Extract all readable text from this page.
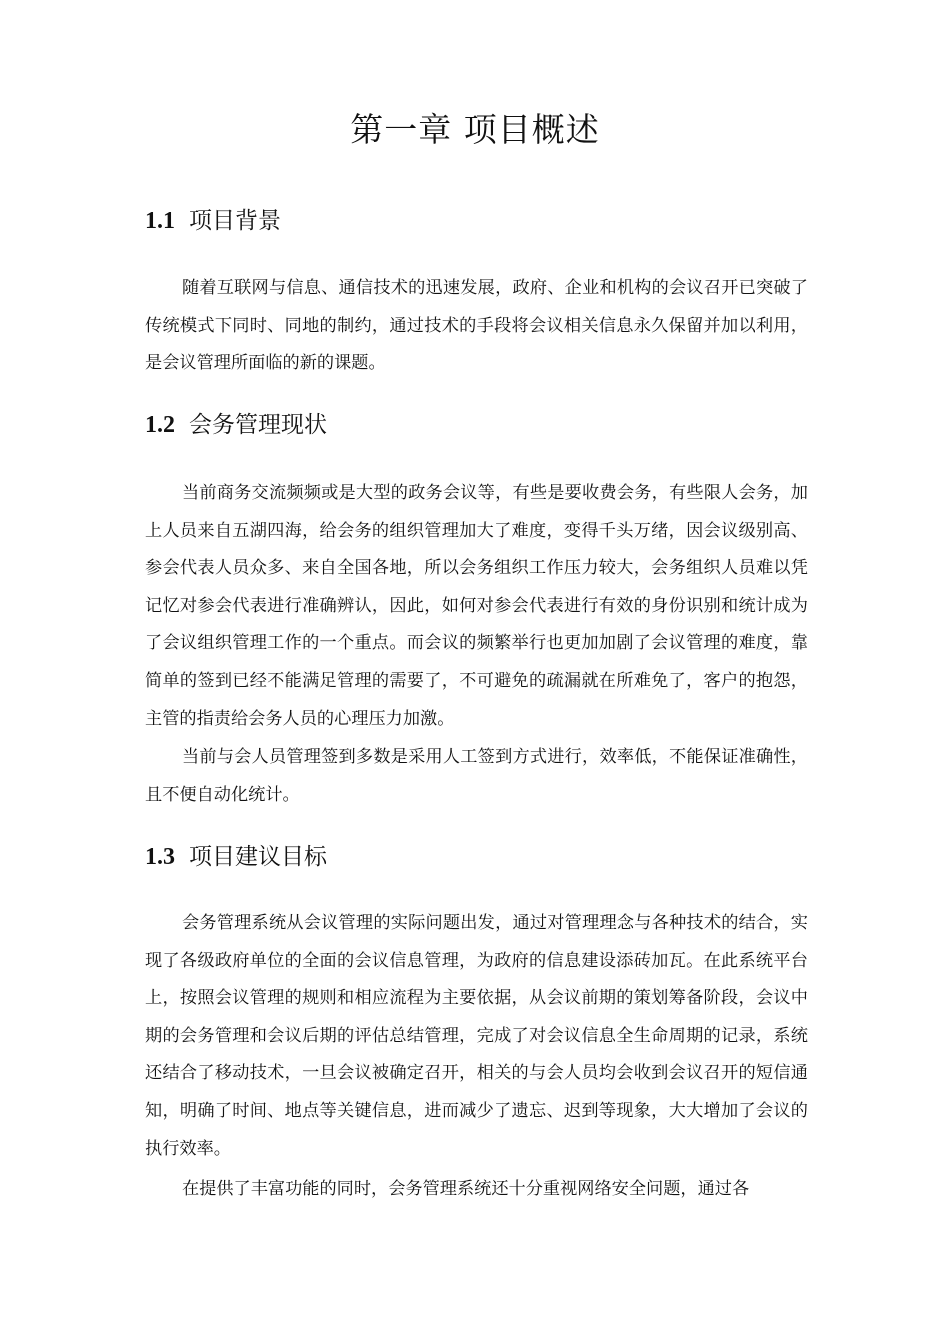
第一章 项目概述
1.1 项目背景

随着互联网与信息、通信技术的迅速发展，政府、企业和机构的会议召开已突破了传统模式下同时、同地的制约，通过技术的手段将会议相关信息永久保留并加以利用，是会议管理所面临的新的课题。

1.2 会务管理现状

当前商务交流频频或是大型的政务会议等，有些是要收费会务，有些限人会务，加上人员来自五湖四海，给会务的组织管理加大了难度，变得千头万绪，因会议级别高、参会代表人员众多、来自全国各地，所以会务组织工作压力较大，会务组织人员难以凭记忆对参会代表进行准确辨认，因此，如何对参会代表进行有效的身份识别和统计成为了会议组织管理工作的一个重点。而会议的频繁举行也更加加剧了会议管理的难度，靠简单的签到已经不能满足管理的需要了，不可避免的疏漏就在所难免了，客户的抱怨，主管的指责给会务人员的心理压力加激。

当前与会人员管理签到多数是采用人工签到方式进行，效率低，不能保证准确性，且不便自动化统计。

1.3 项目建议目标

会务管理系统从会议管理的实际问题出发，通过对管理理念与各种技术的结合，实现了各级政府单位的全面的会议信息管理，为政府的信息建设添砖加瓦。在此系统平台上，按照会议管理的规则和相应流程为主要依据，从会议前期的策划筹备阶段，会议中期的会务管理和会议后期的评估总结管理，完成了对会议信息全生命周期的记录，系统还结合了移动技术，一旦会议被确定召开，相关的与会人员均会收到会议召开的短信通知，明确了时间、地点等关键信息，进而减少了遗忘、迟到等现象，大大增加了会议的执行效率。

在提供了丰富功能的同时，会务管理系统还十分重视网络安全问题，通过各
